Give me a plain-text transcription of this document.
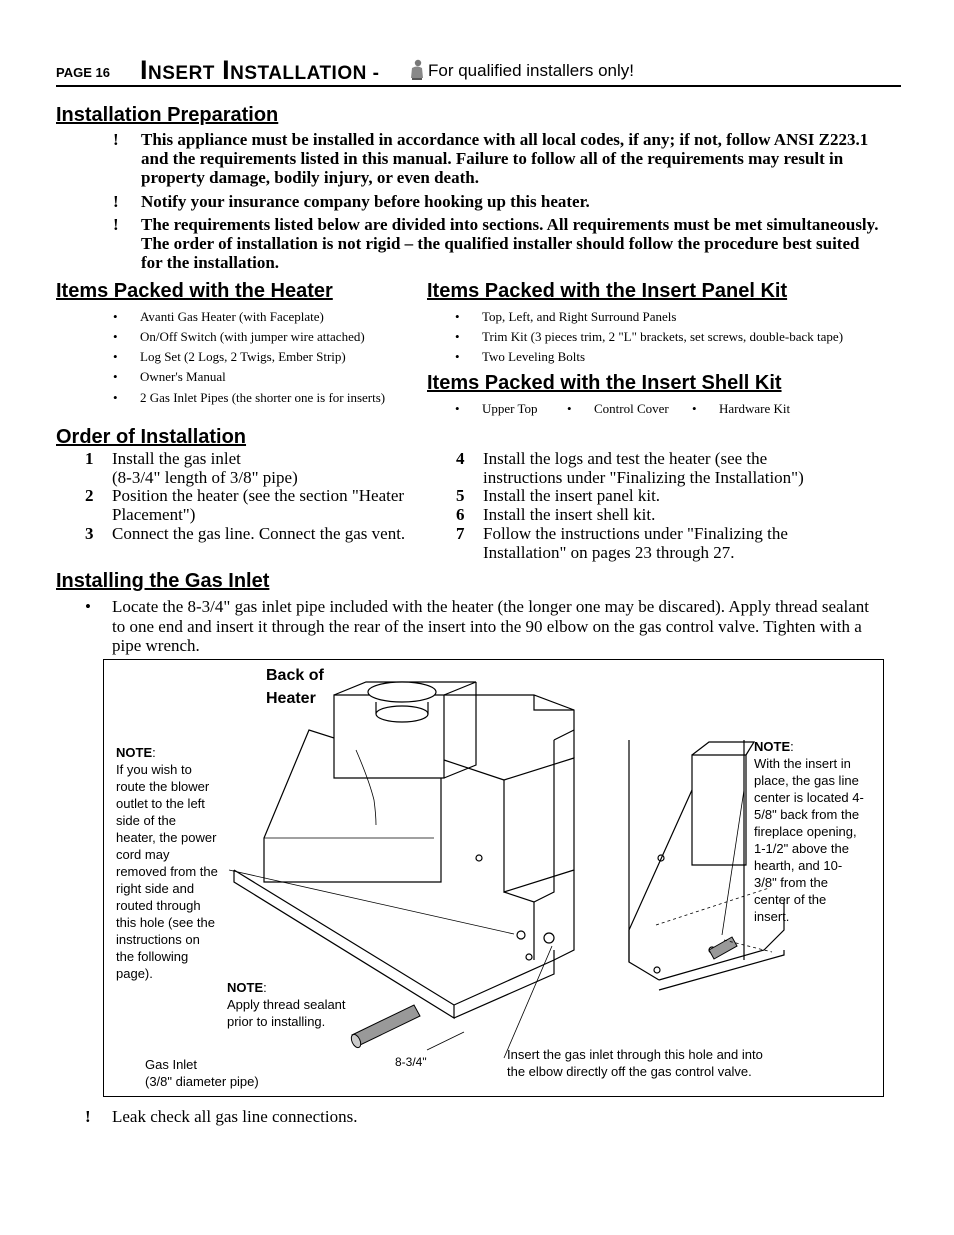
PAGE 16 INSERT INSTALLATION -	For qualified installers only!
Installation Preparation
! This appliance must be installed in accordance with all local codes, if any; if not, follow ANSI Z223.1 and the requirements listed in this manual. Failure to follow all of the requirements may result in property damage, bodily injury, or even death.
! Notify your insurance company before hooking up this heater.
! The requirements listed below are divided into sections. All requirements must be met simultaneously. The order of installation is not rigid – the qualified installer should follow the procedure best suited for the installation.
Items Packed with the Heater
• Avanti Gas Heater (with Faceplate)
• On/Off Switch (with jumper wire attached)
• Log Set (2 Logs, 2 Twigs, Ember Strip)
• Owner's Manual
• 2 Gas Inlet Pipes (the shorter one is for inserts)
Items Packed with the Insert Panel Kit
• Top, Left, and Right Surround Panels
• Trim Kit (3 pieces trim, 2 "L" brackets, set screws, double-back tape)
• Two Leveling Bolts
Items Packed with the Insert Shell Kit
• Upper Top • Control Cover • Hardware Kit
Order of Installation
1 Install the gas inlet
(8-3/4" length of 3/8" pipe)
2 Position the heater (see the section "Heater
Placement")
3 Connect the gas line. Connect the gas vent.
4 Install the logs and test the heater (see the
instructions under "Finalizing the Installation")
5 Install the insert panel kit.
6 Install the insert shell kit.
7 Follow the instructions under "Finalizing the
Installation" on pages 23 through 27.
Installing the Gas Inlet
• Locate the 8-3/4" gas inlet pipe included with the heater (the longer one may be discared). Apply thread sealant to one end and insert it through the rear of the insert into the 90 elbow on the gas control valve. Tighten with a pipe wrench.
Back of
Heater
NOTE:
If you wish to
route the blower
outlet to the left
side of the
heater, the power
cord may
removed from the
right side and
routed through
this hole (see the
instructions on
the following
page).
NOTE:
Apply thread sealant
prior to installing.
NOTE:
With the insert in
place, the gas line
center is located 4-
5/8" back from the
fireplace opening,
1-1/2" above the
hearth, and 10-
3/8" from the
center of the
insert.
Gas Inlet
(3/8" diameter pipe)
8-3/4"	Insert the gas inlet through this hole and into
the elbow directly off the gas control valve.
! Leak check all gas line connections.
